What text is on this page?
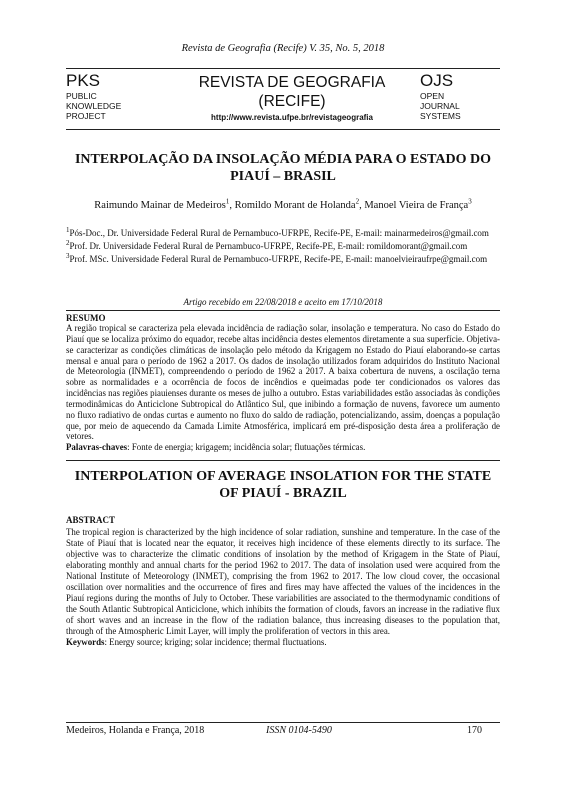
Revista de Geografia (Recife) V. 35, No. 5, 2018
PKS
PUBLIC
KNOWLEDGE
PROJECT
REVISTA DE GEOGRAFIA
(RECIFE)
http://www.revista.ufpe.br/revistageografia
OJS
OPEN
JOURNAL
SYSTEMS
INTERPOLAÇÃO DA INSOLAÇÃO MÉDIA PARA O ESTADO DO PIAUÍ – BRASIL
Raimundo Mainar de Medeiros$^1$, Romildo Morant de Holanda$^2$, Manoel Vieira de França$^3$

$^1$Pós-Doc., Dr. Universidade Federal Rural de Pernambuco-UFRPE, Recife-PE, E-mail: mainarmedeiros@gmail.com

$^2$Prof. Dr. Universidade Federal Rural de Pernambuco-UFRPE, Recife-PE, E-mail: romildomorant@gmail.com

$^3$Prof. MSc. Universidade Federal Rural de Pernambuco-UFRPE, Recife-PE, E-mail: manoelvieiraufrpe@gmail.com

Artigo recebido em 22/08/2018 e aceito em 17/10/2018
RESUMO

A região tropical se caracteriza pela elevada incidência de radiação solar, insolação e temperatura. No caso do Estado do Piauí que se localiza próximo do equador, recebe altas incidência destes elementos diretamente a sua superfície. Objetiva-se caracterizar as condições climáticas de insolação pelo método da Krigagem no Estado do Piauí elaborando-se cartas mensal e anual para o período de 1962 a 2017. Os dados de insolação utilizados foram adquiridos do Instituto Nacional de Meteorologia (INMET), compreendendo o período de 1962 a 2017. A baixa cobertura de nuvens, a oscilação terna sobre as normalidades e a ocorrência de focos de incêndios e queimadas pode ter condicionados os valores das incidências nas regiões piauienses durante os meses de julho a outubro. Estas variabilidades estão associadas às condições termodinâmicas do Anticiclone Subtropical do Atlântico Sul, que inibindo a formação de nuvens, favorece um aumento no fluxo radiativo de ondas curtas e aumento no fluxo do saldo de radiação, potencializando, assim, doenças a população que, por meio de aquecendo da Camada Limite Atmosférica, implicará em pré-disposição desta área a proliferação de vetores.

Palavras-chaves: Fonte de energia; krigagem; incidência solar; flutuações térmicas.

INTERPOLATION OF AVERAGE INSOLATION FOR THE STATE OF PIAUÍ - BRAZIL
ABSTRACT

The tropical region is characterized by the high incidence of solar radiation, sunshine and temperature. In the case of the State of Piauí that is located near the equator, it receives high incidence of these elements directly to its surface. The objective was to characterize the climatic conditions of insolation by the method of Krigagem in the State of Piauí, elaborating monthly and annual charts for the period 1962 to 2017. The data of insolation used were acquired from the National Institute of Meteorology (INMET), comprising the from 1962 to 2017. The low cloud cover, the occasional oscillation over normalities and the occurrence of fires and fires may have affected the values of the incidences in the Piauí regions during the months of July to October. These variabilities are associated to the thermodynamic conditions of the South Atlantic Subtropical Anticiclone, which inhibits the formation of clouds, favors an increase in the radiative flux of short waves and an increase in the flow of the radiation balance, thus increasing diseases to the population that, through of the Atmospheric Limit Layer, will imply the proliferation of vectors in this area.

Keywords: Energy source; kriging; solar incidence; thermal fluctuations.

Medeiros, Holanda e França, 2018	ISSN 0104-5490	170
